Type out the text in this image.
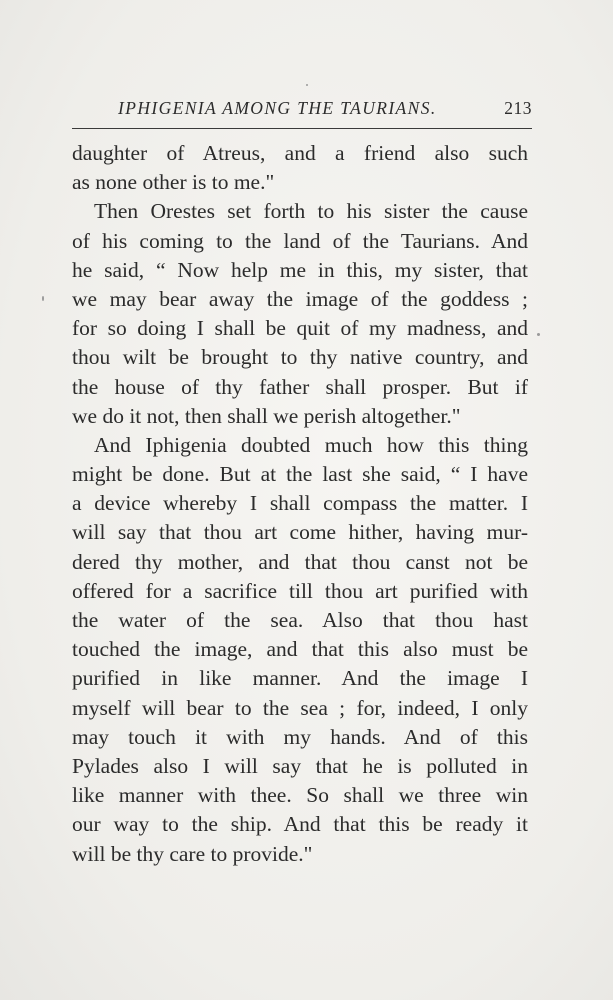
IPHIGENIA AMONG THE TAURIANS.	213
daughter of Atreus, and a friend also such
as none other is to me."
Then Orestes set forth to his sister the cause
of his coming to the land of the Taurians. And
he said, “ Now help me in this, my sister, that
we may bear away the image of the goddess ;
for so doing I shall be quit of my madness, and
thou wilt be brought to thy native country, and
the house of thy father shall prosper. But if
we do it not, then shall we perish altogether."
And Iphigenia doubted much how this thing
might be done. But at the last she said, “ I have
a device whereby I shall compass the matter. I
will say that thou art come hither, having mur-
dered thy mother, and that thou canst not be
offered for a sacrifice till thou art purified with
the water of the sea. Also that thou hast
touched the image, and that this also must be
purified in like manner. And the image I
myself will bear to the sea ; for, indeed, I only
may touch it with my hands. And of this
Pylades also I will say that he is polluted in
like manner with thee. So shall we three win
our way to the ship. And that this be ready it
will be thy care to provide."
